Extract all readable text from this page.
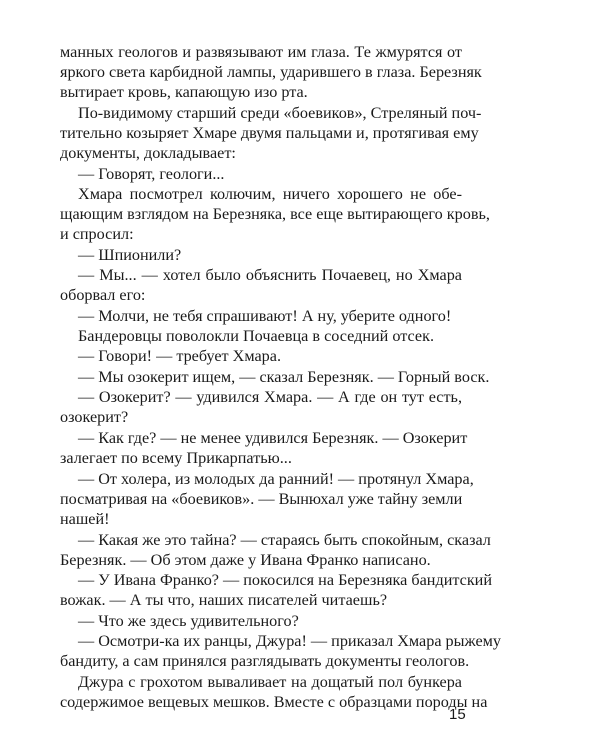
манных геологов и развязывают им глаза. Те жмурятся от
яркого света карбидной лампы, ударившего в глаза. Березняк
вытирает кровь, капающую изо рта.
По-видимому старший среди «боевиков», Стреляный поч-
тительно козыряет Хмаре двумя пальцами и, протягивая ему
документы, докладывает:
— Говорят, геологи...
Хмара посмотрел колючим, ничего хорошего не обе-
щающим взглядом на Березняка, все еще вытирающего кровь,
и спросил:
— Шпионили?
— Мы... — хотел было объяснить Почаевец, но Хмара
оборвал его:
— Молчи, не тебя спрашивают! А ну, уберите одного!
Бандеровцы поволокли Почаевца в соседний отсек.
— Говори! — требует Хмара.
— Мы озокерит ищем, — сказал Березняк. — Горный воск.
— Озокерит? — удивился Хмара. — А где он тут есть,
озокерит?
— Как где? — не менее удивился Березняк. — Озокерит
залегает по всему Прикарпатью...
— От холера, из молодых да ранний! — протянул Хмара,
посматривая на «боевиков». — Вынюхал уже тайну земли
нашей!
— Какая же это тайна? — стараясь быть спокойным, сказал
Березняк. — Об этом даже у Ивана Франко написано.
— У Ивана Франко? — покосился на Березняка бандитский
вожак. — А ты что, наших писателей читаешь?
— Что же здесь удивительного?
— Осмотри-ка их ранцы, Джура! — приказал Хмара рыжему
бандиту, а сам принялся разглядывать документы геологов.
Джура с грохотом вываливает на дощатый пол бункера
содержимое вещевых мешков. Вместе с образцами породы на
15
